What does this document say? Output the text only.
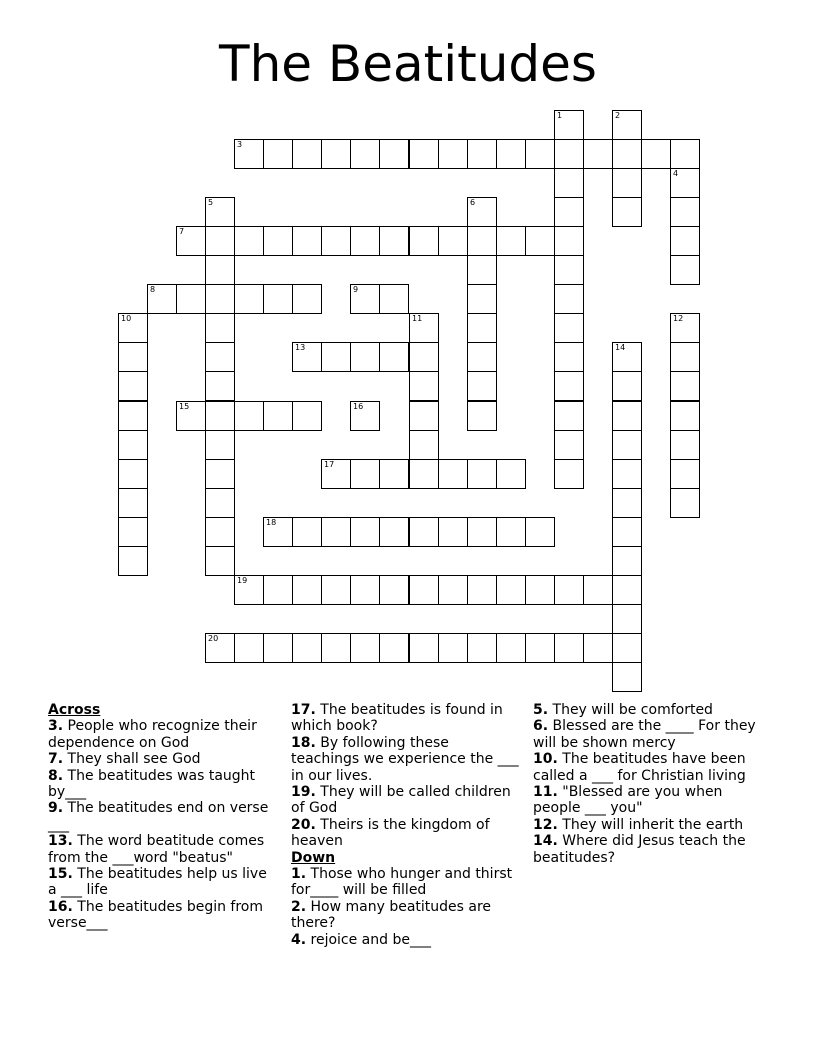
The Beatitudes
1	2
3
4
5	6
7
8	9
10	11	12
13	14
15	16
17
18
19
20
Across
3. People who recognize their dependence on God
7. They shall see God
8. The beatitudes was taught by___
9. The beatitudes end on verse ___
13. The word beatitude comes from the ___word "beatus"
15. The beatitudes help us live a ___ life
16. The beatitudes begin from verse___
17. The beatitudes is found in which book?
18. By following these teachings we experience the ___ in our lives.
19. They will be called children of God
20. Theirs is the kingdom of heaven
Down
1. Those who hunger and thirst for____ will be filled
2. How many beatitudes are there?
4. rejoice and be___
5. They will be comforted
6. Blessed are the ____ For they will be shown mercy
10. The beatitudes have been called a ___ for Christian living
11. "Blessed are you when people ___ you"
12. They will inherit the earth
14. Where did Jesus teach the beatitudes?
